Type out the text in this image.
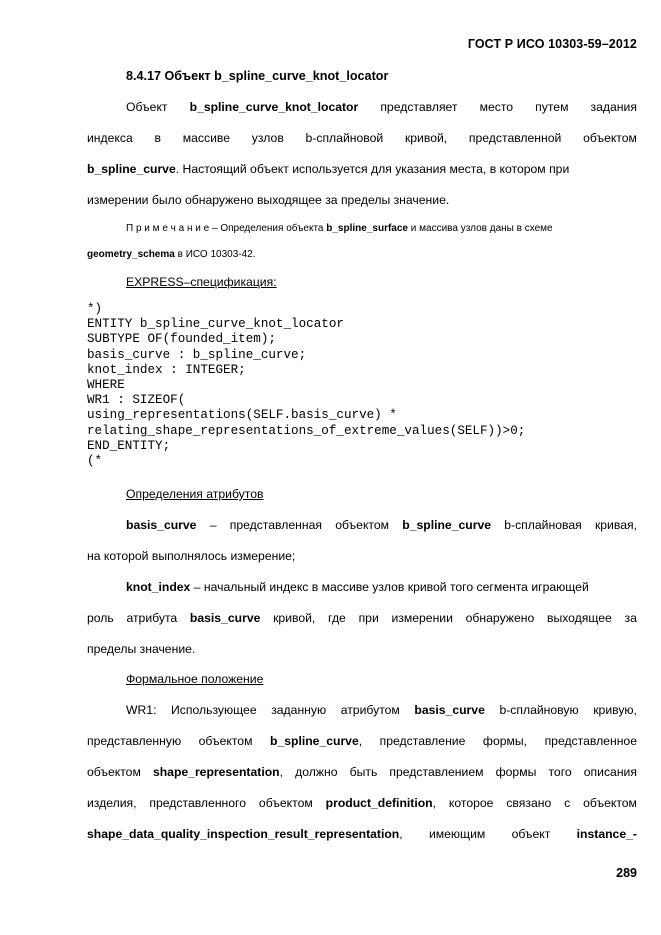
ГОСТ Р ИСО 10303-59–2012
8.4.17 Объект b_spline_curve_knot_locator
Объект b_spline_curve_knot_locator представляет место путем задания
индекса в массиве узлов b-сплайновой кривой, представленной объектом
b_spline_curve. Настоящий объект используется для указания места, в котором при
измерении было обнаружено выходящее за пределы значение.
П р и м е ч а н и е – Определения объекта b_spline_surface и массива узлов даны в схеме
geometry_schema в ИСО 10303-42.
EXPRESS–спецификация:
*)
ENTITY b_spline_curve_knot_locator
SUBTYPE OF(founded_item);
basis_curve : b_spline_curve;
knot_index : INTEGER;
WHERE
WR1 : SIZEOF(
using_representations(SELF.basis_curve) *
relating_shape_representations_of_extreme_values(SELF))>0;
END_ENTITY;
(*
Определения атрибутов
basis_curve – представленная объектом b_spline_curve b-сплайновая кривая,
на которой выполнялось измерение;
knot_index – начальный индекс в массиве узлов кривой того сегмента играющей
роль атрибута basis_curve кривой, где при измерении обнаружено выходящее за
пределы значение.
Формальное положение
WR1: Использующее заданную атрибутом basis_curve b-сплайновую кривую,
представленную объектом b_spline_curve, представление формы, представленное
объектом shape_representation, должно быть представлением формы того описания
изделия, представленного объектом product_definition, которое связано с объектом
shape_data_quality_inspection_result_representation, имеющим объект instance_-
289
